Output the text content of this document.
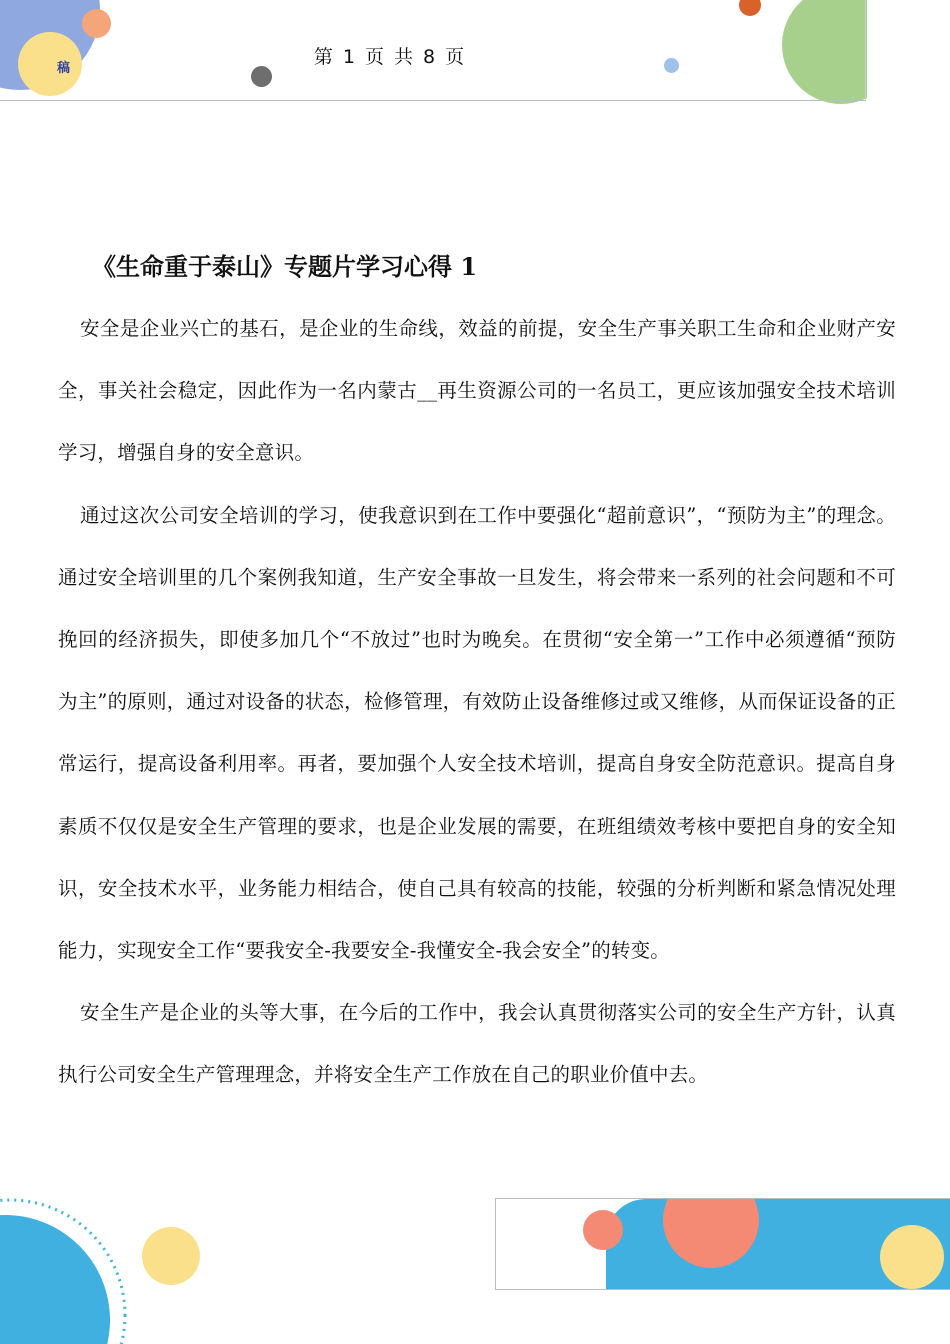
稿
第 1 页 共 8 页
《生命重于泰山》专题片学习心得 1

安全是企业兴亡的基石，是企业的生命线，效益的前提，安全生产事关职工生命和企业财产安全，事关社会稳定，因此作为一名内蒙古__再生资源公司的一名员工，更应该加强安全技术培训学习，增强自身的安全意识。

通过这次公司安全培训的学习，使我意识到在工作中要强化“超前意识”，“预防为主”的理念。通过安全培训里的几个案例我知道，生产安全事故一旦发生，将会带来一系列的社会问题和不可挽回的经济损失，即使多加几个“不放过”也时为晚矣。在贯彻“安全第一”工作中必须遵循“预防为主”的原则，通过对设备的状态，检修管理，有效防止设备维修过或又维修，从而保证设备的正常运行，提高设备利用率。再者，要加强个人安全技术培训，提高自身安全防范意识。提高自身素质不仅仅是安全生产管理的要求，也是企业发展的需要，在班组绩效考核中要把自身的安全知识，安全技术水平，业务能力相结合，使自己具有较高的技能，较强的分析判断和紧急情况处理能力，实现安全工作“要我安全-我要安全-我懂安全-我会安全”的转变。

安全生产是企业的头等大事，在今后的工作中，我会认真贯彻落实公司的安全生产方针，认真执行公司安全生产管理理念，并将安全生产工作放在自己的职业价值中去。
